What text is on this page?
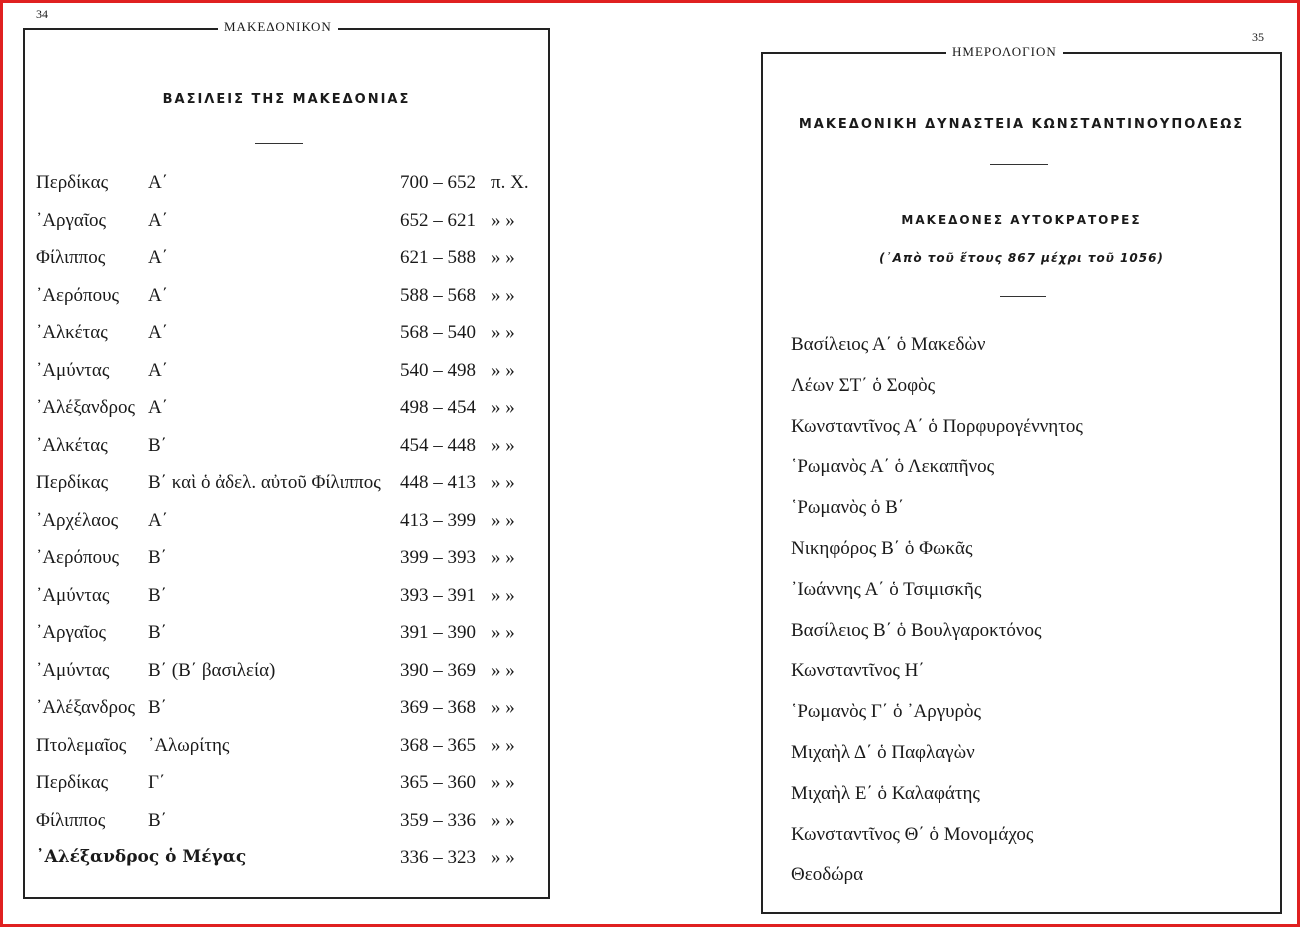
34
ΜΑΚΕΔΟΝΙΚΟΝ
ΒΑΣΙΛΕΙΣ ΤΗΣ ΜΑΚΕΔΟΝΙΑΣ
Περδίκας Α΄	700 – 652 π. Χ.
᾿Αργαῖος Α΄	652 – 621 » »
Φίλιππος Α΄	621 – 588 » »
᾿Αερόπους Α΄	588 – 568 » »
᾿Αλκέτας Α΄	568 – 540 » »
᾿Αμύντας Α΄	540 – 498 » »
᾿Αλέξανδρος Α΄	498 – 454 » »
᾿Αλκέτας Β΄	454 – 448 » »
Περδίκας Β΄ καὶ ὁ ἀδελ. αὐτοῦ Φίλιππος 448 – 413 » »
᾿Αρχέλαος Α΄	413 – 399 » »
᾿Αερόπους Β΄	399 – 393 » »
᾿Αμύντας Β΄	393 – 391 » »
᾿Αργαῖος Β΄	391 – 390 » »
᾿Αμύντας Β΄ (Β΄ βασιλεία)	390 – 369 » »
᾿Αλέξανδρος Β΄	369 – 368 » »
Πτολεμαῖος ᾿Αλωρίτης	368 – 365 » »
Περδίκας Γ΄	365 – 360 » »
Φίλιππος Β΄	359 – 336 » »
᾿Αλέξανδρος ὁ Μέγας	336 – 323 » »
35
ΗΜΕΡΟΛΟΓΙΟΝ
ΜΑΚΕΔΟΝΙΚΗ ΔΥΝΑΣΤΕΙΑ ΚΩΝΣΤΑΝΤΙΝΟΥΠΟΛΕΩΣ
ΜΑΚΕΔΟΝΕΣ ΑΥΤΟΚΡΑΤΟΡΕΣ
(᾿Απὸ τοῦ ἔτους 867 μέχρι τοῦ 1056)
Βασίλειος Α΄ ὁ Μακεδὼν
Λέων ΣΤ΄ ὁ Σοφὸς
Κωνσταντῖνος Α΄ ὁ Πορφυρογέννητος
῾Ρωμανὸς Α΄ ὁ Λεκαπῆνος
῾Ρωμανὸς ὁ Β΄
Νικηφόρος Β΄ ὁ Φωκᾶς
᾿Ιωάννης Α΄ ὁ Τσιμισκῆς
Βασίλειος Β΄ ὁ Βουλγαροκτόνος
Κωνσταντῖνος Η΄
῾Ρωμανὸς Γ΄ ὁ ᾿Αργυρὸς
Μιχαὴλ Δ΄ ὁ Παφλαγὼν
Μιχαὴλ Ε΄ ὁ Καλαφάτης
Κωνσταντῖνος Θ΄ ὁ Μονομάχος
Θεοδώρα
